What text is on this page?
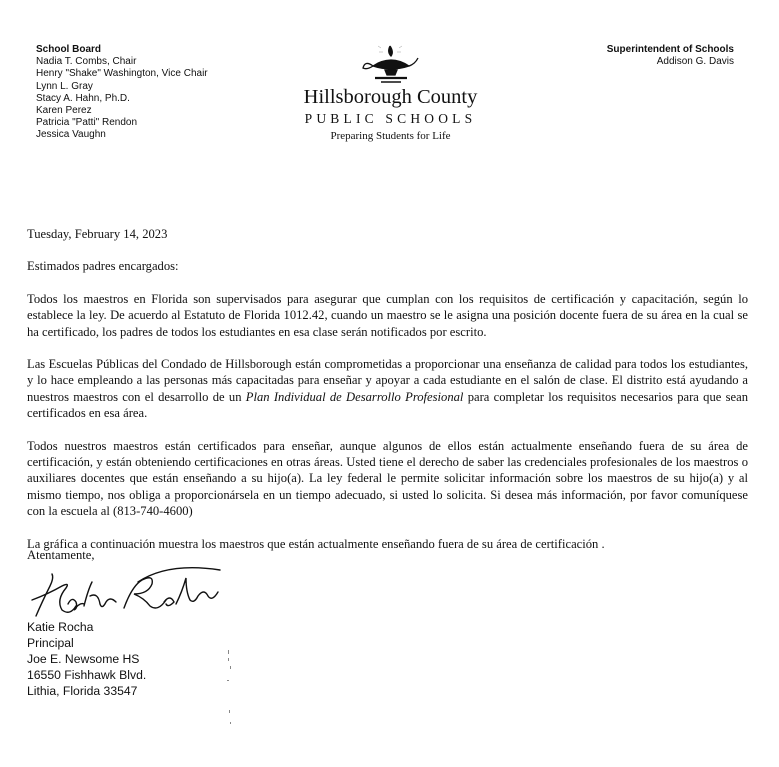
School Board
Nadia T. Combs, Chair
Henry "Shake" Washington, Vice Chair
Lynn L. Gray
Stacy A. Hahn, Ph.D.
Karen Perez
Patricia "Patti" Rendon
Jessica Vaughn
Hillsborough County
PUBLIC SCHOOLS
Preparing Students for Life
Superintendent of Schools
Addison G. Davis

Tuesday, February 14, 2023

Estimados padres encargados:

Todos los maestros en Florida son supervisados para asegurar que cumplan con los requisitos de certificación y capacitación, según lo establece la ley. De acuerdo al Estatuto de Florida 1012.42, cuando un maestro se le asigna una posición docente fuera de su área en la cual se ha certificado, los padres de todos los estudiantes en esa clase serán notificados por escrito.

Las Escuelas Públicas del Condado de Hillsborough están comprometidas a proporcionar una enseñanza de calidad para todos los estudiantes, y lo hace empleando a las personas más capacitadas para enseñar y apoyar a cada estudiante en el salón de clase. El distrito está ayudando a nuestros maestros con el desarrollo de un Plan Individual de Desarrollo Profesional para completar los requisitos necesarios para que sean certificados en esa área.

Todos nuestros maestros están certificados para enseñar, aunque algunos de ellos están actualmente enseñando fuera de su área de certificación, y están obteniendo certificaciones en otras áreas. Usted tiene el derecho de saber las credenciales profesionales de los maestros o auxiliares docentes que están enseñando a su hijo(a). La ley federal le permite solicitar información sobre los maestros de su hijo(a) y al mismo tiempo, nos obliga a proporcionársela en un tiempo adecuado, si usted lo solicita. Si desea más información, por favor comuníquese con la escuela al (813-740-4600)

La gráfica a continuación muestra los maestros que están actualmente enseñando fuera de su área de certificación .

Atentamente,
Katie Rocha
Principal
Joe E. Newsome HS
16550 Fishhawk Blvd.
Lithia, Florida 33547
